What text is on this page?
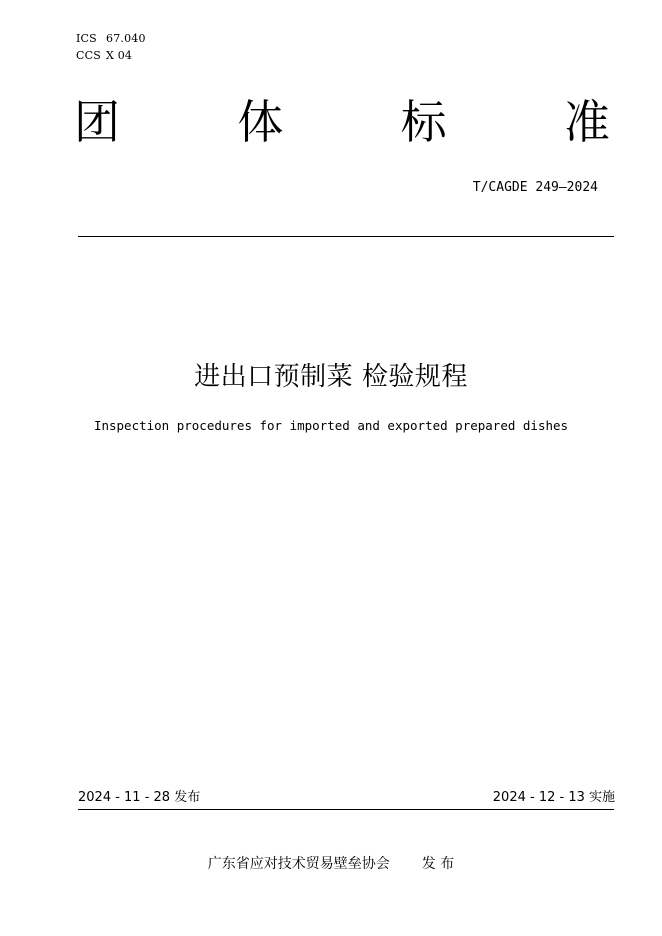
ICS 67.040
CCS X 04
团	体	标	准
T/CAGDE 249—2024
进出口预制菜 检验规程
Inspection procedures for imported and exported prepared dishes
2024 - 11 - 28 发布	2024 - 12 - 13 实施
广东省应对技术贸易壁垒协会 发 布
